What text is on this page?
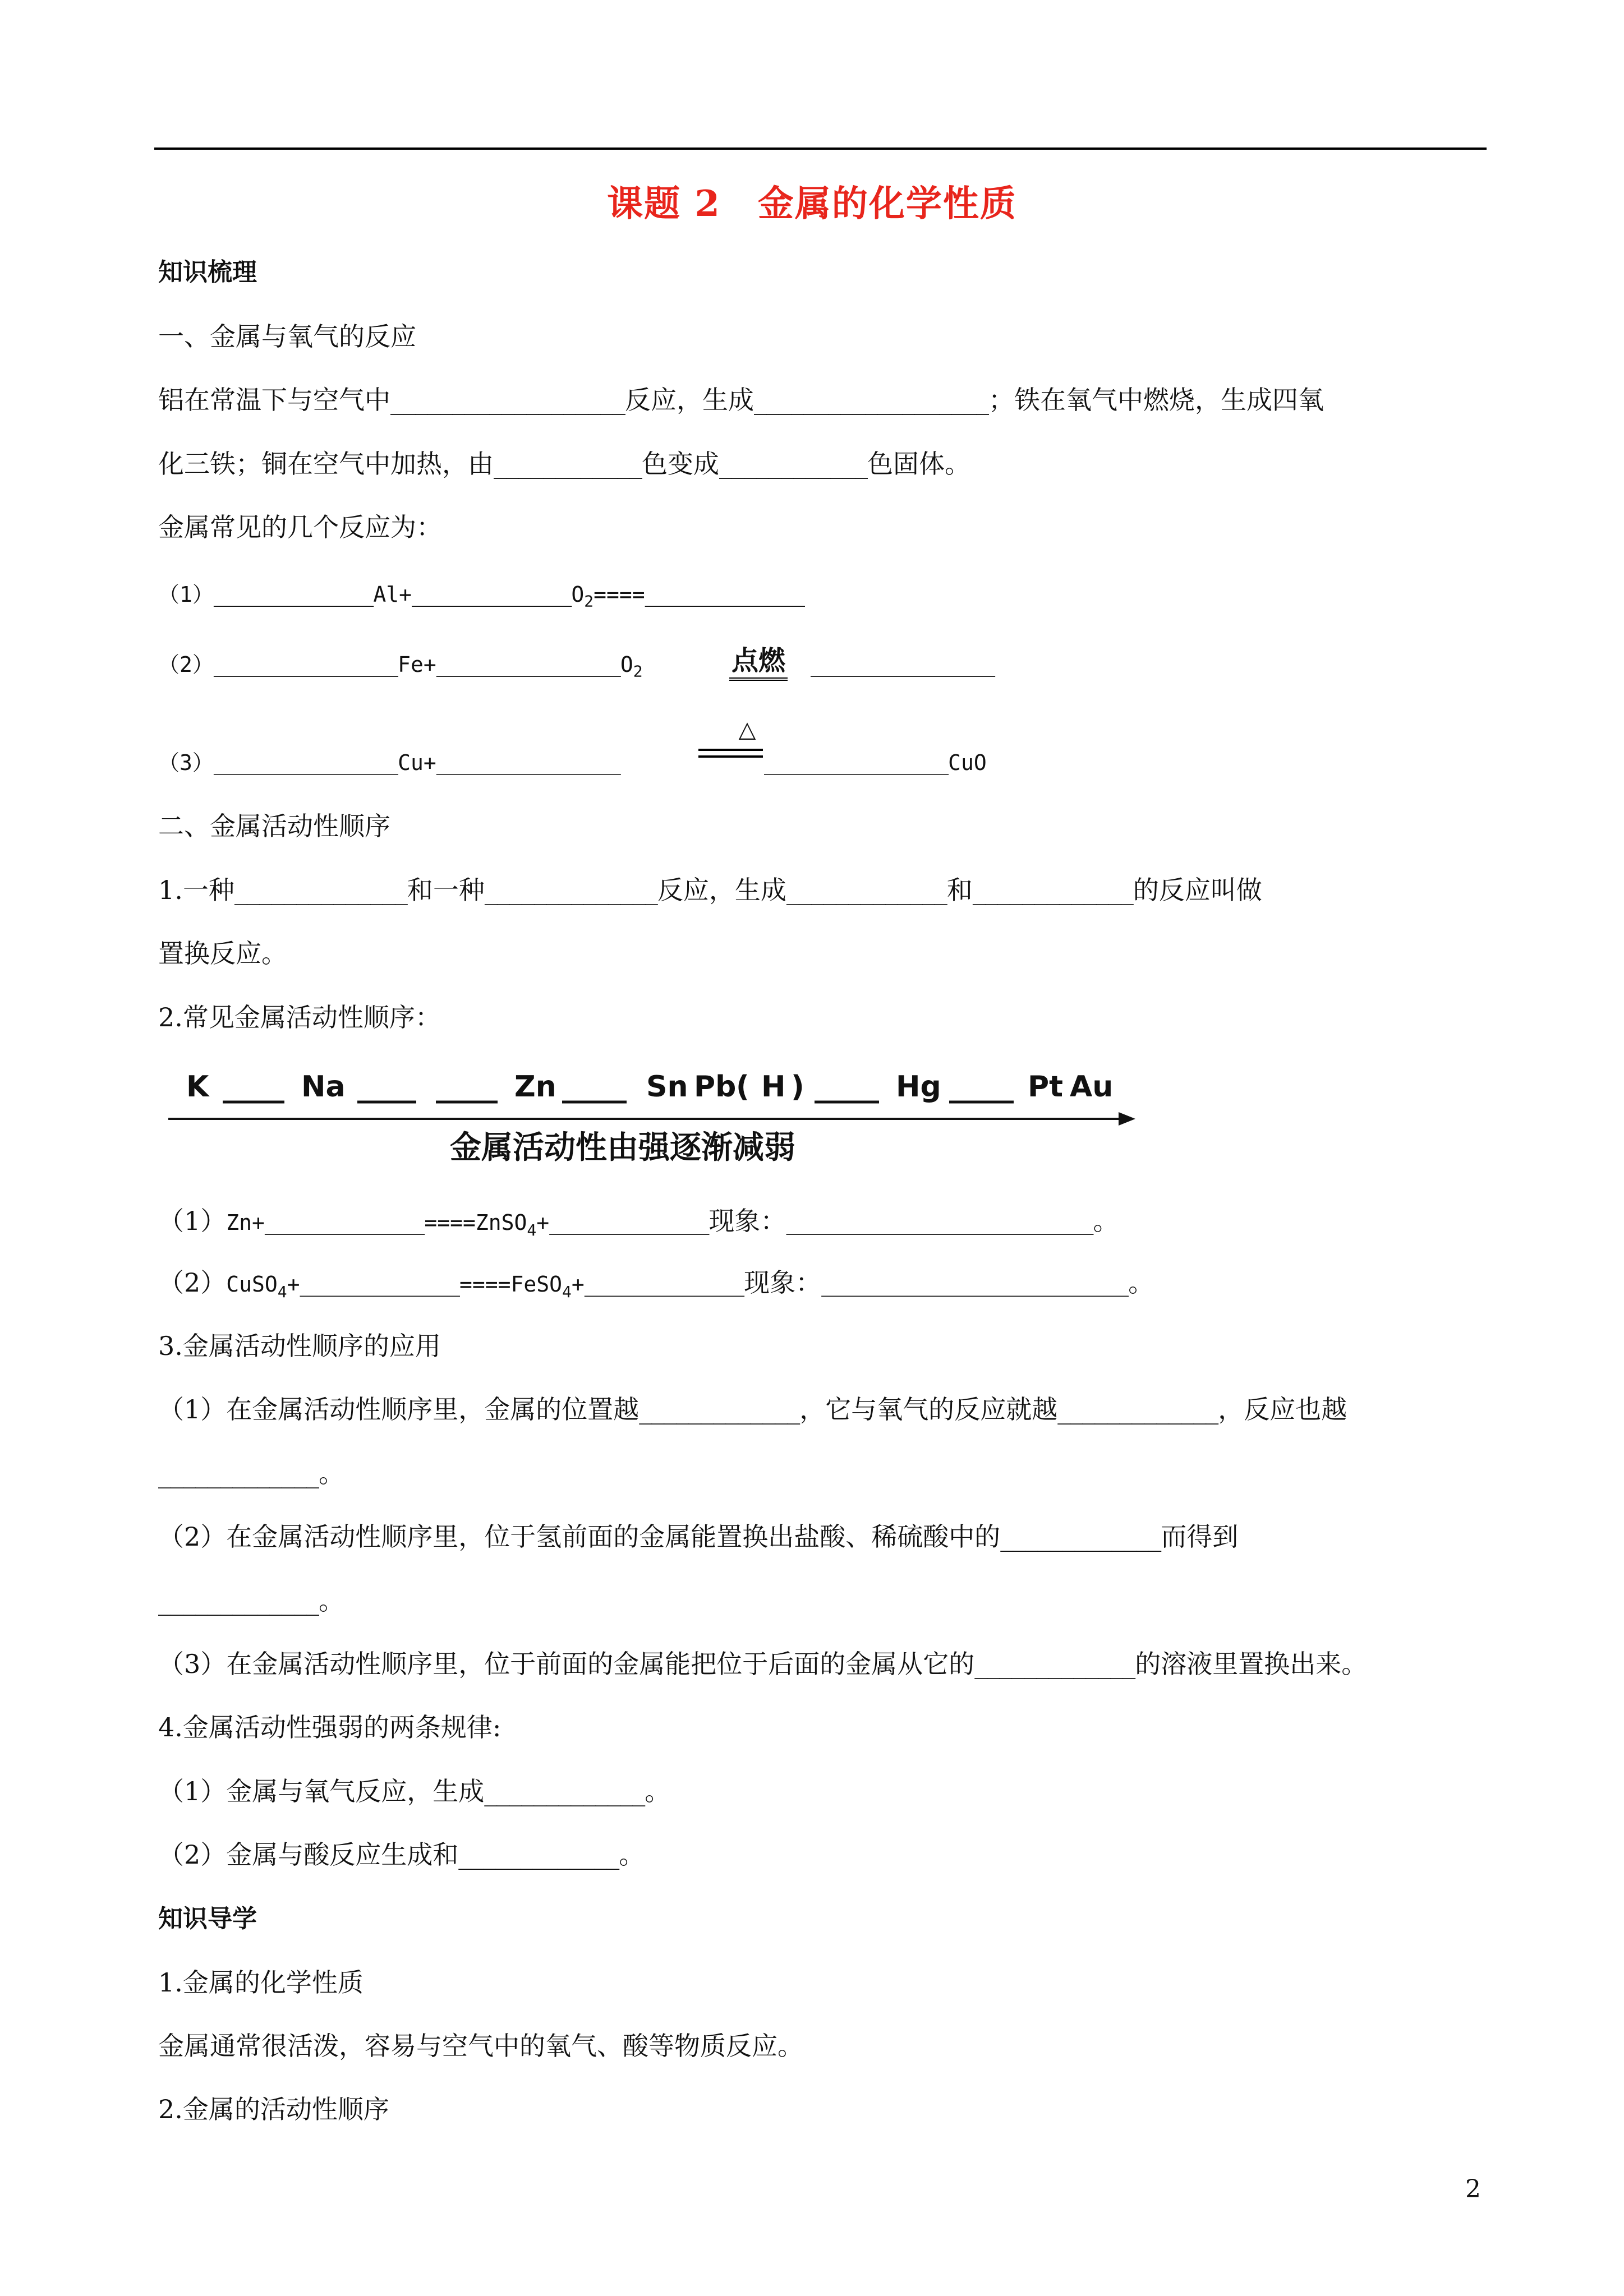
课题 2　金属的化学性质
知识梳理
一、金属与氧气的反应
铝在常温下与空气中___________________反应，生成___________________；铁在氧气中燃烧，生成四氧
化三铁；铜在空气中加热，由____________色变成____________色固体。
金属常见的几个反应为：
$(1)\_\_\_\_\_\_\_\_\_\_\_\_\_Al+\_\_\_\_\_\_\_\_\_\_\_\_\_O_2====\_\_\_\_\_\_\_\_\_\_\_\_\_$
$(2)\_\_\_\_\_\_\_\_\_\_\_\_\_\_\_Fe+\_\_\_\_\_\_\_\_\_\_\_\_\_\_\_O_2$	点燃 _______________
△
（3）_______________Cu+_______________	_______________CuO
二、金属活动性顺序
1.一种______________和一种______________反应，生成_____________和_____________的反应叫做
置换反应。
2.常见金属活动性顺序：
K	Na	Zn	Sn Pb ( H )	Hg	Pt Au
金属活动性由强逐渐减弱
（1）Zn+_____________====ZnSO$_4$+_____________现象：_________________________。
（2）CuSO$_4$+_____________====FeSO$_4$+_____________现象：_________________________。
3.金属活动性顺序的应用
（1）在金属活动性顺序里，金属的位置越_____________，它与氧气的反应就越_____________，反应也越
_____________。
（2）在金属活动性顺序里，位于氢前面的金属能置换出盐酸、稀硫酸中的_____________而得到
_____________。
（3）在金属活动性顺序里，位于前面的金属能把位于后面的金属从它的_____________的溶液里置换出来。
4.金属活动性强弱的两条规律:
（1）金属与氧气反应，生成_____________。
（2）金属与酸反应生成和_____________。
知识导学
1.金属的化学性质
金属通常很活泼，容易与空气中的氧气、酸等物质反应。
2.金属的活动性顺序
2
